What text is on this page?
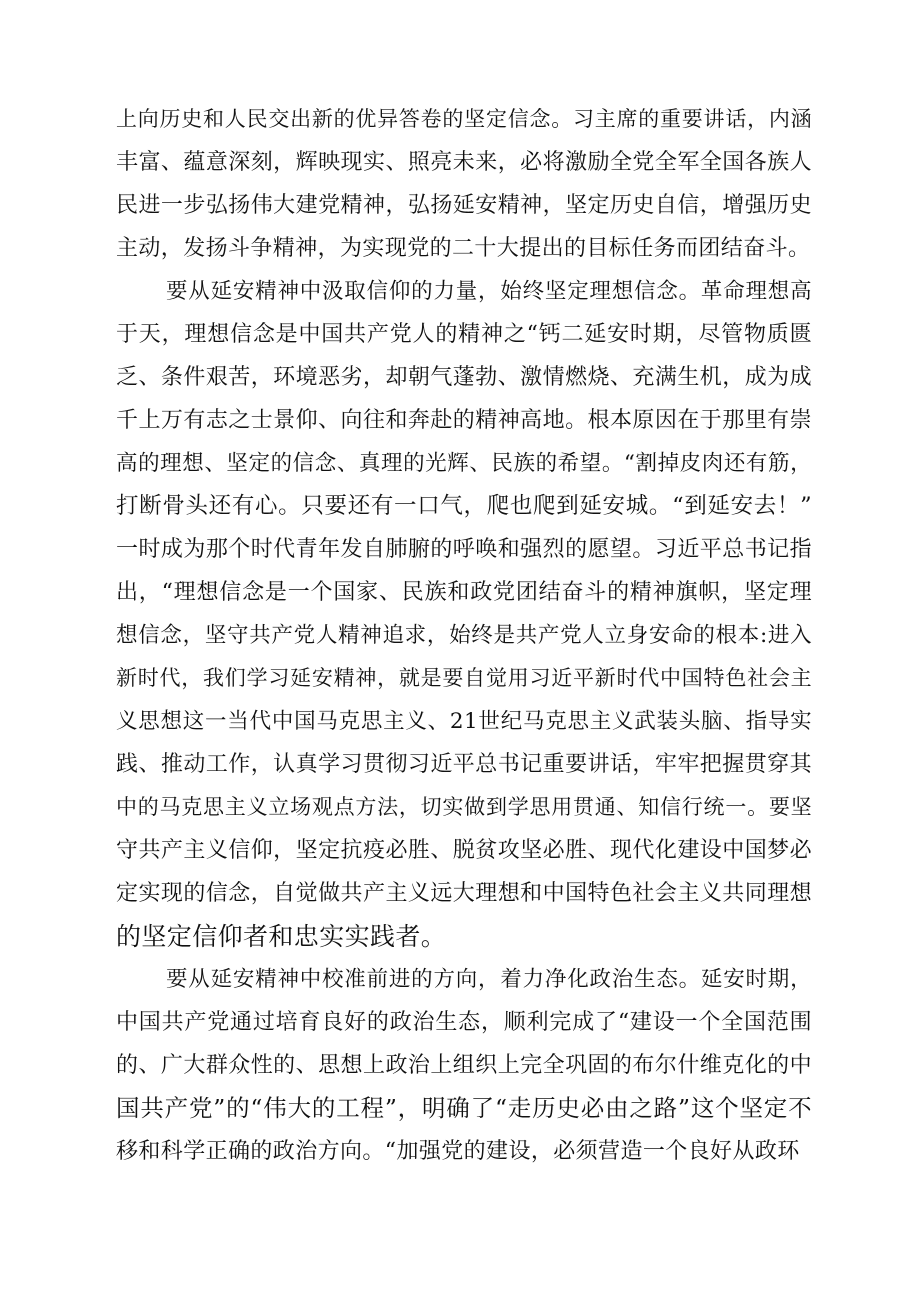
上向历史和人民交出新的优异答卷的坚定信念。习主席的重要讲话，内涵
丰富、蕴意深刻，辉映现实、照亮未来，必将激励全党全军全国各族人
民进一步弘扬伟大建党精神，弘扬延安精神，坚定历史自信，增强历史
主动，发扬斗争精神，为实现党的二十大提出的目标任务而团结奋斗。
要从延安精神中汲取信仰的力量，始终坚定理想信念。革命理想高
于天，理想信念是中国共产党人的精神之“钙二延安时期，尽管物质匮
乏、条件艰苦，环境恶劣，却朝气蓬勃、激情燃烧、充满生机，成为成
千上万有志之士景仰、向往和奔赴的精神高地。根本原因在于那里有崇
高的理想、坚定的信念、真理的光辉、民族的希望。“割掉皮肉还有筋，
打断骨头还有心。只要还有一口气，爬也爬到延安城。“到延安去！”
一时成为那个时代青年发自肺腑的呼唤和强烈的愿望。习近平总书记指
出，“理想信念是一个国家、民族和政党团结奋斗的精神旗帜，坚定理
想信念，坚守共产党人精神追求，始终是共产党人立身安命的根本:进入
新时代，我们学习延安精神，就是要自觉用习近平新时代中国特色社会主
义思想这一当代中国马克思主义、21世纪马克思主义武装头脑、指导实
践、推动工作，认真学习贯彻习近平总书记重要讲话，牢牢把握贯穿其
中的马克思主义立场观点方法，切实做到学思用贯通、知信行统一。要坚
守共产主义信仰，坚定抗疫必胜、脱贫攻坚必胜、现代化建设中国梦必
定实现的信念，自觉做共产主义远大理想和中国特色社会主义共同理想
的坚定信仰者和忠实实践者。
要从延安精神中校准前进的方向，着力净化政治生态。延安时期，
中国共产党通过培育良好的政治生态，顺利完成了“建设一个全国范围
的、广大群众性的、思想上政治上组织上完全巩固的布尔什维克化的中
国共产党”的“伟大的工程”，明确了“走历史必由之路”这个坚定不
移和科学正确的政治方向。“加强党的建设，必须营造一个良好从政环
